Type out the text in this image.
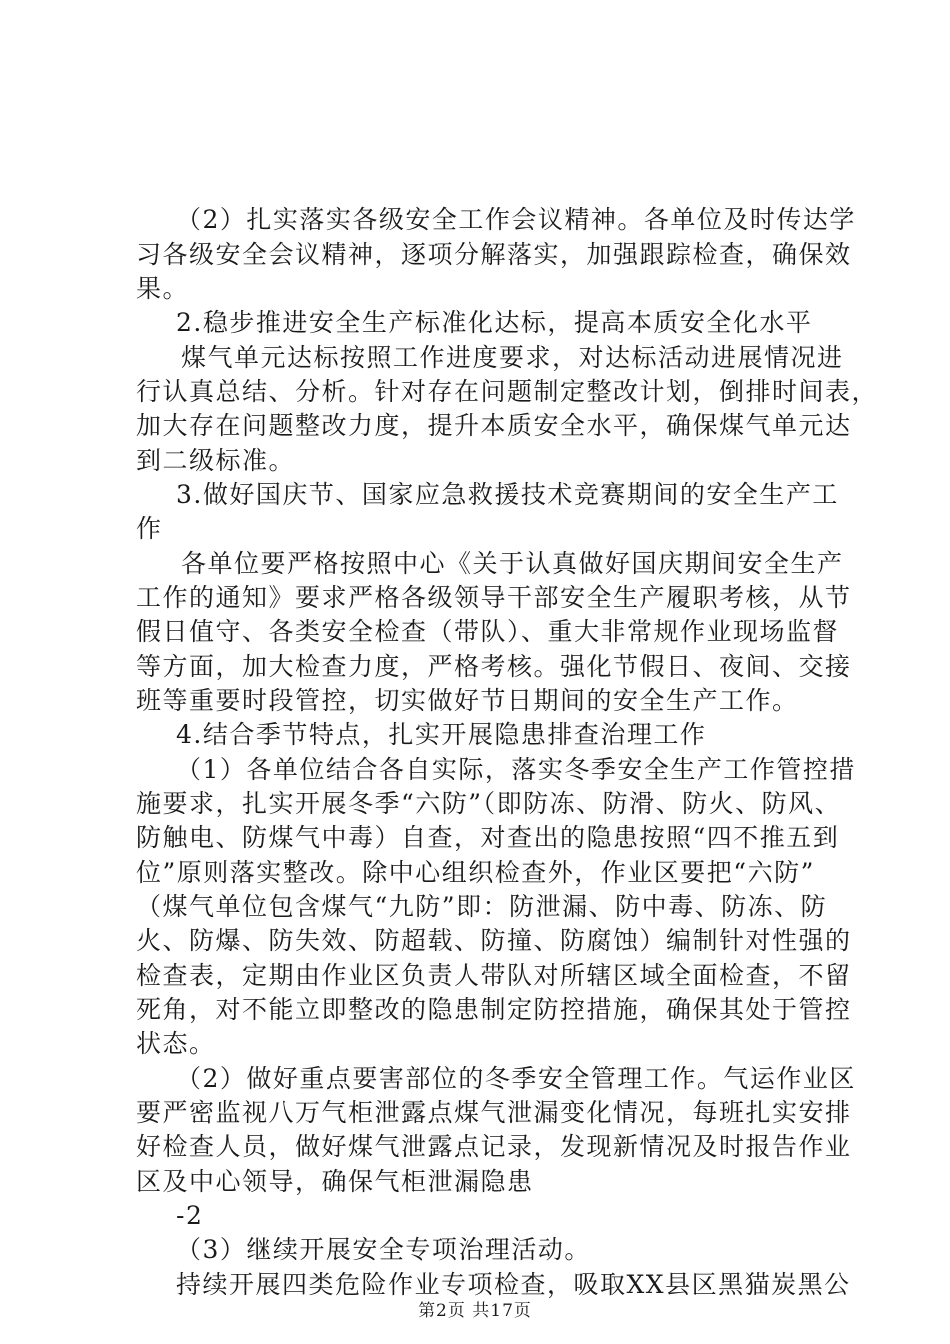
（2）扎实落实各级安全工作会议精神。各单位及时传达学
习各级安全会议精神，逐项分解落实，加强跟踪检查，确保效
果。
2.稳步推进安全生产标准化达标，提高本质安全化水平
煤气单元达标按照工作进度要求，对达标活动进展情况进
行认真总结、分析。针对存在问题制定整改计划，倒排时间表，
加大存在问题整改力度，提升本质安全水平，确保煤气单元达
到二级标准。
3.做好国庆节、国家应急救援技术竞赛期间的安全生产工
作
各单位要严格按照中心《关于认真做好国庆期间安全生产
工作的通知》要求严格各级领导干部安全生产履职考核，从节
假日值守、各类安全检查（带队）、重大非常规作业现场监督
等方面，加大检查力度，严格考核。强化节假日、夜间、交接
班等重要时段管控，切实做好节日期间的安全生产工作。
4.结合季节特点，扎实开展隐患排查治理工作
（1）各单位结合各自实际，落实冬季安全生产工作管控措
施要求，扎实开展冬季“六防”（即防冻、防滑、防火、防风、
防触电、防煤气中毒）自查，对查出的隐患按照“四不推五到
位”原则落实整改。除中心组织检查外，作业区要把“六防”
（煤气单位包含煤气“九防”即：防泄漏、防中毒、防冻、防
火、防爆、防失效、防超载、防撞、防腐蚀）编制针对性强的
检查表，定期由作业区负责人带队对所辖区域全面检查，不留
死角，对不能立即整改的隐患制定防控措施，确保其处于管控
状态。
（2）做好重点要害部位的冬季安全管理工作。气运作业区
要严密监视八万气柜泄露点煤气泄漏变化情况，每班扎实安排
好检查人员，做好煤气泄露点记录，发现新情况及时报告作业
区及中心领导，确保气柜泄漏隐患
-2
（3）继续开展安全专项治理活动。
持续开展四类危险作业专项检查，吸取XX县区黑猫炭黑公
第2页 共17页
